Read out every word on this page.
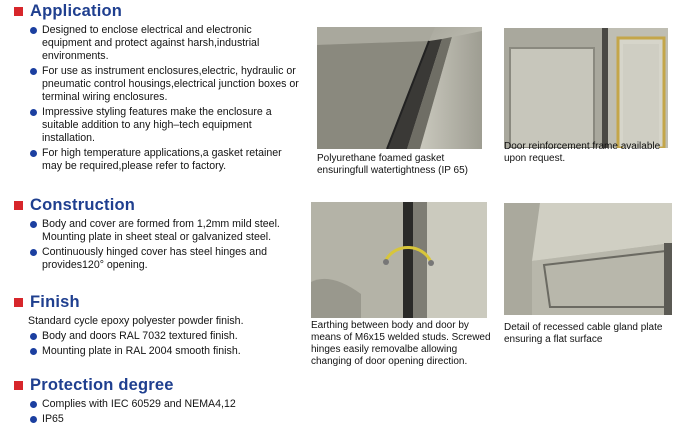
Application
Designed to enclose electrical and electronic equipment and protect against harsh,industrial environments.
For use as instrument enclosures,electric, hydraulic or pneumatic control housings,electrical junction boxes or terminal wiring enclosures.
Impressive styling features make the enclosure a suitable addition to any high–tech equipment installation.
For high temperature applications,a gasket retainer may be required,please refer to factory.
Construction
Body and cover are formed from 1,2mm mild steel. Mounting plate in sheet steal or galvanized steel.
Continuously hinged cover has steel hinges and provides120° opening.
Finish
Standard cycle epoxy polyester powder finish.
Body and doors RAL 7032 textured finish.
Mounting plate in RAL 2004 smooth finish.
Protection degree
Complies with IEC 60529 and NEMA4,12
IP65
Polyurethane foamed gasket ensuringfull watertightness (IP 65)
Door reinforcement frame available upon request.
Earthing between body and door by means of M6x15 welded studs. Screwed hinges easily removalbe allowing changing of door opening direction.
Detail of recessed cable gland plate ensuring a flat surface
